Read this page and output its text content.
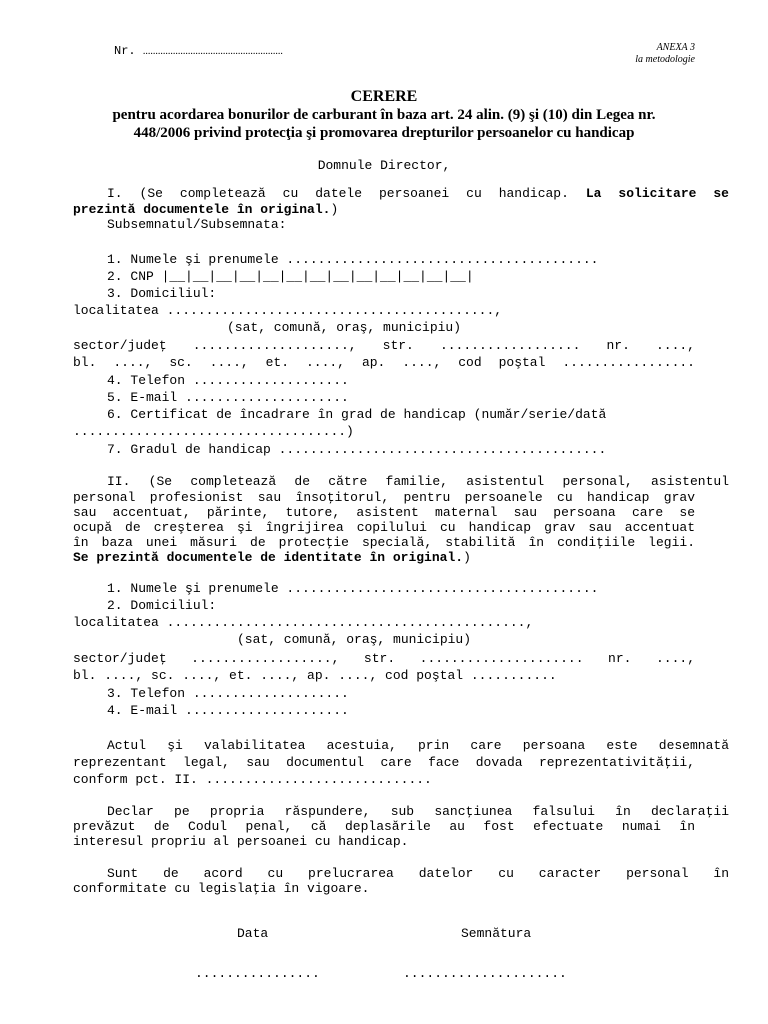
Nr. ........................................................	ANEXA 3
la metodologie
CERERE
pentru acordarea bonurilor de carburant în baza art. 24 alin. (9) şi (10) din Legea nr.
448/2006 privind protecţia şi promovarea drepturilor persoanelor cu handicap
Domnule Director,
I. (Se completează cu datele persoanei cu handicap. La solicitare se
prezintă documentele în original.)
Subsemnatul/Subsemnata:
1. Numele şi prenumele ........................................
2. CNP |__|__|__|__|__|__|__|__|__|__|__|__|__|
3. Domiciliul:
localitatea ..........................................,
(sat, comună, oraş, municipiu)
sector/judeţ ...................., str. .................. nr. ....,
bl. ...., sc. ...., et. ...., ap. ...., cod poştal .................
4. Telefon ....................
5. E-mail .....................
6. Certificat de încadrare în grad de handicap (număr/serie/dată
...................................)
7. Gradul de handicap ..........................................
II. (Se completează de către familie, asistentul personal, asistentul
personal profesionist sau însoţitorul, pentru persoanele cu handicap grav
sau accentuat, părinte, tutore, asistent maternal sau persoana care se
ocupă de creşterea şi îngrijirea copilului cu handicap grav sau accentuat
în baza unei măsuri de protecţie specială, stabilită în condiţiile legii.
Se prezintă documentele de identitate în original.)
1. Numele şi prenumele ........................................
2. Domiciliul:
localitatea ..............................................,
(sat, comună, oraş, municipiu)
sector/judeţ .................., str. ..................... nr. ....,
bl. ...., sc. ...., et. ...., ap. ...., cod poştal ...........
3. Telefon ....................
4. E-mail .....................
Actul şi valabilitatea acestuia, prin care persoana este desemnată
reprezentant legal, sau documentul care face dovada reprezentativităţii,
conform pct. II. .............................
Declar pe propria răspundere, sub sancţiunea falsului în declaraţii
prevăzut de Codul penal, că deplasările au fost efectuate numai în
interesul propriu al persoanei cu handicap.
Sunt de acord cu prelucrarea datelor cu caracter personal în
conformitate cu legislaţia în vigoare.
Data	Semnătura
................	.....................
